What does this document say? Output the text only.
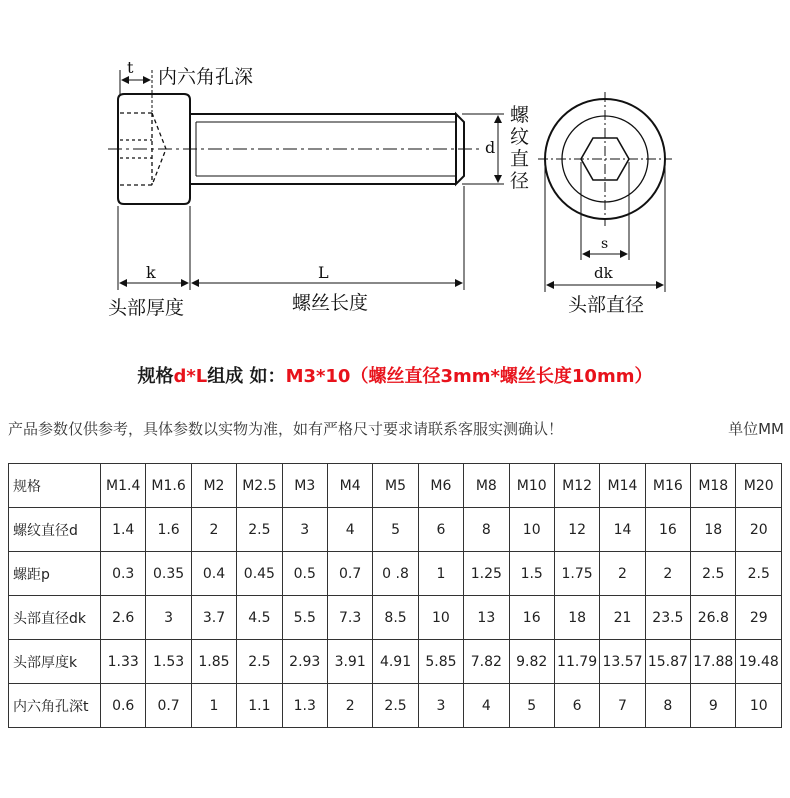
t 内六角孔深
d
螺纹直径
k	L
头部厚度	螺丝长度
s
dk
头部直径
规格d*L组成 如：M3*10（螺丝直径3mm*螺丝长度10mm）
产品参数仅供参考，具体参数以实物为准，如有严格尺寸要求请联系客服实测确认！	单位MM
规格	M1.4	M1.6	M2	M2.5	M3	M4	M5	M6	M8	M10	M12	M14	M16	M18	M20
螺纹直径d	1.4	1.6	2	2.5	3	4	5	6	8	10	12	14	16	18	20
螺距p	0.3	0.35	0.4	0.45	0.5	0.7	0 .8	1	1.25	1.5	1.75	2	2	2.5	2.5
头部直径dk	2.6	3	3.7	4.5	5.5	7.3	8.5	10	13	16	18	21	23.5	26.8	29
头部厚度k	1.33	1.53	1.85	2.5	2.93	3.91	4.91	5.85	7.82	9.82	11.79	13.57	15.87	17.88	19.48
内六角孔深t	0.6	0.7	1	1.1	1.3	2	2.5	3	4	5	6	7	8	9	10
